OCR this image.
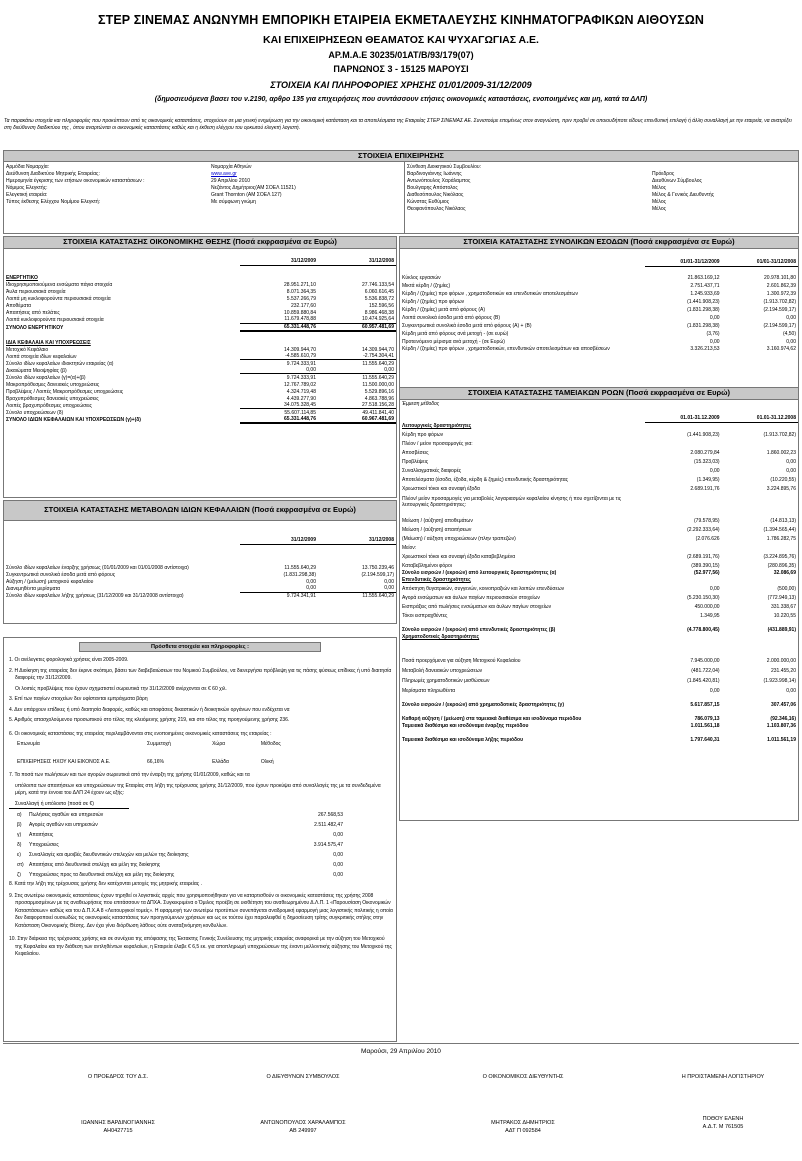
ΣΤΕΡ ΣΙΝΕΜΑΣ ΑΝΩΝΥΜΗ ΕΜΠΟΡΙΚΗ ΕΤΑΙΡΕΙΑ ΕΚΜΕΤΑΛΕΥΣΗΣ ΚΙΝΗΜΑΤΟΓΡΑΦΙΚΩΝ ΑΙΘΟΥΣΩΝ
ΚΑΙ ΕΠΙΧΕΙΡΗΣΕΩΝ ΘΕΑΜΑΤΟΣ ΚΑΙ ΨΥΧΑΓΩΓΙΑΣ Α.Ε.
ΑΡ.Μ.Α.Ε 30235/01ΑΤ/Β/93/179(07)
ΠΑΡΝΩΝΟΣ 3 - 15125 ΜΑΡΟΥΣΙ
ΣΤΟΙΧΕΙΑ ΚΑΙ ΠΛΗΡΟΦΟΡΙΕΣ ΧΡΗΣΗΣ 01/01/2009-31/12/2009
(δημοσιευόμενα βασει του ν.2190, αρθρο 135 για επιχειρήσεις που συντάσσουν ετήσιες οικονομικές καταστάσεις, ενοποιημένες και μη, κατά τα ΔΛΠ)
Τα παρακάτω στοιχεία και πληροφορίες που προκύπτουν από τις οικονομικές καταστάσεις, στοχεύουν σε μια γενική ενημέρωση για την οικονομική κατάσταση και τα αποτελέσματα της Εταιρείας ΣΤΕΡ ΣΙΝΕΜΑΣ ΑΕ. Συνιστούμε επομένως στον αναγνώστη, πριν προβεί σε οποιουδήποτε είδους επενδυτική επιλογή ή άλλη συναλλαγή με την εταιρεία, να ανατρέξει στη διεύθυνση διαδικτύου της , όπου αναρτώνται οι οικονομικές καταστάσεις καθώς και η έκθεση ελέγχου του ορκωτού ελεγκτή λογιστή.
ΣΤΟΙΧΕΙΑ ΕΠΙΧΕΙΡΗΣΗΣ
Αρμόδια Νομαρχία:	Νομαρχία Αθηνών
Διεύθυνση Διαδικτύου Μητρικής Εταιρείας:	www.ave.gr
Ημερομηνία έγκρισης των ετήσιων οικονομικών καταστάσεων :	29 Απριλίου 2010
Νόμιμος Ελεγκτής:	Νεζάντος Δημήτριος(ΑΜ ΣΟΕΛ 11521)
Ελεγκτική εταιρεία:	Grant Thornton (ΑΜ ΣΟΕΛ 127)
Τύπος έκθεσης Ελέγχου Νομίμου Ελεγκτή:	Με σύμφωνη γνώμη
Σύνθεση Διοικητικού Συμβουλίου:	
Βαρδινογιάννης Ιωάννης	Πρόεδρος
Αντωνόπουλος Χαράλαμπος	Διευθύνων Σύμβουλος
Βουλγαρης Απόστολος	Μέλος
Διαθεσόπουλος Νικόλαος	Μέλος & Γενικός Διευθυντής
Κώνστας Ευθύμιος	Μέλος
Θεοφανόπουλος Νικόλαος	Μέλος
ΣΤΟΙΧΕΙΑ ΚΑΤΑΣΤΑΣΗΣ ΟΙΚΟΝΟΜΙΚΗΣ ΘΕΣΗΣ (Ποσά εκφρασμένα σε Ευρώ)
	31/12/2009	31/12/2008

ΕΝΕΡΓΗΤΙΚΟ		
Ιδιοχρησιμοποιούμενα ενσώματα πάγια στοιχεία	28.951.271,10	27.746.133,54
Άυλα περιουσιακά στοιχεία	8.071.364,35	6.060.616,45
Λοιπά μη κυκλοφορούντα περιουσιακά στοιχεία	5.537.266,79	5.536.838,72
Αποθέματα	232.177,60	152.596,56
Απαιτήσεις από πελάτες	10.859.880,84	8.986.468,38
Λοιπά κυκλοφορούντα περιουσιακά στοιχεία	11.679.478,88	10.474.925,64
ΣΥΝΟΛΟ ΕΝΕΡΓΗΤΙΚΟΥ	65.331.448,76	60.957.481,69

ΙΔΙΑ ΚΕΦΑΛΑΙΑ ΚΑΙ ΥΠΟΧΡΕΩΣΕΙΣ		
Μετοχικό Κεφάλαιο	14.309.944,70	14.309.944,70
Λοιπά στοιχεία ιδίων κεφαλαίων	-4.585.610,79	-2.754.304,41
Σύνολο ιδίων κεφαλαίων ιδιοκτητών εταιρείας (α)	9.724.333,91	11.555.640,29
Δικαιώματα Μειοψηφίας (β)	0,00	0,00
Σύνολο ιδίων κεφαλαίων (γ)=(α)+(β)	9.724.333,91	11.555.640,29
Μακροπρόθεσμες δανειακές υποχρεώσεις	12.767.789,02	11.500.000,00
Προβλέψεις / Λοιπές Μακροπρόθεσμες υποχρεώσεις	4.324.719,48	5.529.896,16
Βραχυπρόθεσμες δανειακές υποχρεώσεις	4.439.277,90	4.863.788,96
Λοιπές βραχυπρόθεσμες υποχρεώσεις	34.075.328,45	27.518.156,28
Σύνολο υποχρεώσεων (δ)	55.607.114,85	49.411.841,40
ΣΥΝΟΛΟ ΙΔΙΩΝ ΚΕΦΑΛΑΙΩΝ ΚΑΙ ΥΠΟΧΡΕΩΣΕΩΝ (γ)+(δ)	65.331.448,76	60.967.481,69
ΣΤΟΙΧΕΙΑ ΚΑΤΑΣΤΑΣΗΣ ΜΕΤΑΒΟΛΩΝ ΙΔΙΩΝ ΚΕΦΑΛΑΙΩΝ (Ποσά εκφρασμένα σε Ευρώ)
	31/12/2009	31/12/2008

Σύνολο ιδίων κεφαλαίων έναρξης χρήσεως (01/01/2009 και 01/01/2008 αντίστοιχα)	11.555.640,29	13.750.239,46
Συγκεντρωτικά συνολικά έσοδα μετά από φόρους	(1.831.298,38)	(2.194.599,17)
Αύξηση / (μείωση) μετοχικού κεφαλαίου	0,00	0,00
Διανεμηθέντα μερίσματα	0,00	0,00
Σύνολο ιδίων κεφαλαίων λήξης χρήσεως (31/12/2009 και 31/12/2008 αντίστοιχα)	9.724.341,91	11.555.640,29
Πρόσθετα στοιχεία και πληροφορίες :

1. Οι ανέλεγκτες φορολογικά χρήσεις είναι 2005-2009.

2. Η Διοίκηση της εταιρείας δεν έκρινε σκόπιμο, βάσει των διαβεβαιώσεων του Νομικού Συμβούλου, να διενεργήσει πρόβλεψη για τις πάσης φύσεως επίδικες ή υπό διαιτησία διαφορές την 31/12/2009.

Οι λοιπές προβλέψεις που έχουν σχηματιστεί σωρευτικά την 31/12/2009 ανέρχονται σε € 60 χιλ.

3. Επί των παγίων στοιχείων δεν υφίστανται εμπράγματα βάρη

4. Δεν υπάρχουν επίδικες ή υπό διαιτησία διαφορές, καθώς και αποφάσεις δικαστικών ή διοικητικών οργάνων που ενδέχεται να

5. Αριθμός απασχολούμενου προσωπικού στο τέλος της κλειόμενης χρήσης 219, και στο τέλος της προηγούμενης χρήσης 236.

6. Οι οικονομικές καταστάσεις της εταιρείας περιλαμβάνονται στις ενοποιημένες οικονομικές καταστάσεις της εταιρείας :

Επωνυμία	Συμμετοχή	Χώρα	Μέθοδος

ΕΠΙΧΕΙΡΗΣΕΙΣ ΗΧΟΥ ΚΑΙ ΕΙΚΟΝΟΣ Α.Ε.	66,16%	Ελλάδα	Ολική

7. Τα ποσά των πωλήσεων και των αγορών σωρευτικά από την έναρξη της χρήσης 01/01/2009, καθώς και τα

υπόλοιπα των απαιτήσεων και υποχρεώσεων της Εταιρίας στη λήξη της τρέχουσας χρήσης 31/12/2009, που έχουν προκύψει από συναλλαγές της με τα συνδεδεμένα μέρη, κατά την έννοια του ΔΛΠ 24 έχουν ως εξής:

Συναλλαγή ή υπόλοιπο (ποσά σε €)
α)	Πωλήσεις αγαθών και υπηρεσιών	267.568,53
β)	Αγορές αγαθών και υπηρεσιών	2.511.482,47
γ)	Απαιτήσεις	0,00
δ)	Υποχρεώσεις	3.914.575,47
ε)	Συναλλαγές και αμοιβές διευθυντικών στελεχών και μελών της διοίκησης	0,00
στ)	Απαιτήσεις από διευθυντικά στελέχη και μέλη της διοίκησης	0,00
ζ)	Υποχρεώσεις προς τα διευθυντικά στελέχη και μέλη της διοίκησης	0,00

8. Κατά την λήξη της τρέχουσας χρήσης δεν κατέχονται μετοχές της μητρικής εταιρείας .

9. Στις ανωτέρω οικονομικές καταστάσεις έχουν τηρηθεί οι λογιστικές αρχές που χρησιμοποιήθηκαν για να καταρτισθούν οι οικονομικές καταστάσεις της χρήσης 2008 προσαρμοσμένων με τις αναθεωρήσεις που επιτάσσουν τα ΔΠΧΑ. Συγκεκριμένα ο Όμιλος προέβη σε υιοθέτηση του αναθεωρημένου Δ.Λ.Π. 1 «Παρουσίαση Οικονομικών Καταστάσεων» καθώς και του Δ.Π.Χ.Α 8 «Λειτουργικοί τομείς». Η εφαρμογή των ανωτέρω προτύπων συνεπάγεται αναδρομική εφαρμογή μιας λογιστικής πολιτικής η οποία δεν διαφοροποιεί ουσιωδώς τις οικονομικές καταστάσεις των προηγούμενων χρήσεων και ως εκ τούτου έχει παραλειφθεί η δημοσίευση τρίτης συγκριτικής στήλης στην Κατάσταση Οικονομικής Θέσης. Δεν έχει γίνει διόρθωση λάθους ούτε αναταξινόμηση κονδυλίων.

10. Στην διάρκεια της τρέχουσας χρήσης και σε συνέχεια της απόφασης της Έκτακτης Γενικής Συνέλευσης της μητρικής εταιρείας αναφορικά με την αύξηση του Μετοχικού της Κεφαλαίου και την διάθεση των αντληθέντων κεφαλαίων, η Εταιρεία έλαβε € 6,5 εκ. για αποπληρωμή υποχρεώσεων της έναντι μελλοντικής αύξησης του Μετοχικού της Κεφαλαίου.

ΣΤΟΙΧΕΙΑ ΚΑΤΑΣΤΑΣΗΣ ΣΥΝΟΛΙΚΩΝ ΕΣΟΔΩΝ (Ποσά εκφρασμένα σε Ευρώ)
	01/01-31/12/2009	01/01-31/12/2008

Κύκλος εργασιών	21.863.169,12	20.978.101,80
Μικτά κέρδη / (ζημίες)	2.751.437,71	2.601.862,39
Κέρδη / (ζημίες) προ φόρων , χρηματοδοτικών και επενδυτικών αποτελεσμάτων	1.245.933,69	1.300.972,39
Κέρδη / (ζημίες) προ φόρων	(1.441.908,23)	(1.913.702,82)
Κέρδη / (ζημίες) μετά από φόρους (A)	(1.831.298,38)	(2.194.599,17)
Λοιπά συνολικά έσοδα μετά από φόρους (Β)	0,00	0,00
Συγκεντρωτικά συνολικά έσοδα μετά από φόρους (A) + (B)	(1.831.298,38)	(2.194.599,17)
Κέρδη μετά από φόρους ανά μετοχή - (σε ευρώ)	(3,76)	(4,50)
Προτεινόμενο μέρισμα ανά μετοχή - (σε Ευρώ)	0,00	0,00
Κέρδη / (ζημίες) προ φόρων , χρηματοδοτικών, επενδυτικών αποτελεσμάτων και αποσβέσεων	3.326.213,53	3.160.974,62
ΣΤΟΙΧΕΙΑ ΚΑΤΑΣΤΑΣΗΣ ΤΑΜΕΙΑΚΩΝ ΡΟΩΝ (Ποσά εκφρασμένα σε Ευρώ)
Έμμεση μέθοδος		

	01.01-31.12.2009	01.01-31.12.2008
Λειτουργικές δραστηριότητες		
Κέρδη προ φόρων	(1.441.908,23)	(1.913.702,82)
Πλέον / μείον προσαρμογές για:		
Αποσβέσεις	2.080.279,84	1.860.002,23
Προβλέψεις	(15.323,03)	0,00
Συναλλαγματικές διαφορές	0,00	0,00
Αποτελέσματα (έσοδα, έξοδα, κέρδη & ζημιές) επενδυτικής δραστηριότητας	(1.349,95)	(10.220,55)
Χρεωστικοί τόκοι και συναφή έξοδα	2.689.191,76	3.224.895,76
Πλέον/ μείον προσαρμογές για μεταβολές λογαριασμών κεφαλαίου κίνησης ή που σχετίζονται με τις λειτουργικές δραστηριότητες:		

Μείωση / (αύξηση) αποθεμάτων	(79.578,95)	(14.813,13)
Μείωση / (αύξηση) απαιτήσεων	(2.292.333,64)	(1.394.565,44)
(Μείωση) / αύξηση υποχρεώσεων (πλην τραπεζών)	(2.076.626	1.786.282,75
Μείον:		
Χρεωστικοί τόκοι και συναφή έξοδα καταβεβλημένα	(2.689.191,76)	(3.224.895,76)
Καταβεβλημένοι φόροι	(389.390,15)	(280.896,35)
Σύνολο εισροών / (εκροών) από λειτουργικές δραστηριότητες (α)	(52.977,56)	32.086,69
Επενδυτικές δραστηριότητες		
Απόκτηση θυγατρικών, συγγενών, κοινοπραξιών και λοιπών επενδύσεων	0,00	(500,00)
Αγορά ενσώματων και άυλων παγίων περιουσιακών στοιχείων	(5.230.150,30)	(772.949,13)
Εισπράξεις από πωλήσεις ενσώματων και άυλων παγίων στοιχείων	450.000,00	331.338,67
Τόκοι εισπραχθέντες	1.349,95	10.220,55

Σύνολο εισροών / (εκροών) από επενδυτικές δραστηριότητες (β)	(4.778.800,45)	(431.889,91)
Χρηματοδοτικές δραστηριότητες		

Ποσά προερχόμενα για αύξηση Μετοχικού Κεφαλαίου	7.945.000,00	2.000.000,00
Μεταβολή δανειακών υποχρεώσεων	(481.722,04)	231.455,20
Πληρωμές χρηματοδοτικών μισθώσεων	(1.845.420,81)	(1.923.998,14)
Μερίσματα πληρωθέντα	0,00	0,00

Σύνολο εισροών / (εκροών) από χρηματοδοτικές δραστηριότητες (γ)	5.617.857,15	307.457,06

Καθαρή αύξηση / (μείωση) στα ταμειακά διαθέσιμα και ισοδύναμα περιόδου	786.079,13	(92.346,16)
Ταμειακά διαθέσιμα και ισοδύναμα έναρξης περιόδου	1.011.561,18	1.103.807,36

Ταμειακά διαθέσιμα και ισοδύναμα λήξης περιόδου	1.797.640,31	1.011.561,19
Μαρούσι, 29 Απριλίου 2010
Ο ΠΡΟΕΔΡΟΣ ΤΟΥ Δ.Σ.	Ο ΔΙΕΥΘΥΝΩΝ ΣΥΜΒΟΥΛΟΣ	Ο ΟΙΚΟΝΟΜΙΚΟΣ ΔΙΕΥΘΥΝΤΗΣ	Η ΠΡΟΙΣΤΑΜΕΝΗ ΛΟΓΙΣΤΗΡΙΟΥ
ΙΩΑΝΝΗΣ ΒΑΡΔΙΝΟΓΙΑΝΝΗΣ	ΑΝΤΩΝΟΠΟΥΛΟΣ ΧΑΡΑΛΑΜΠΟΣ	ΜΗΤΡΑΚΟΣ ΔΗΜΗΤΡΙΟΣ
ΠΟΘΟΥ ΕΛΕΝΗ
ΑΗ0427715	ΑΒ 249997	ΑΔΤ Π 092584
Α.Δ.Τ. Μ 761505
